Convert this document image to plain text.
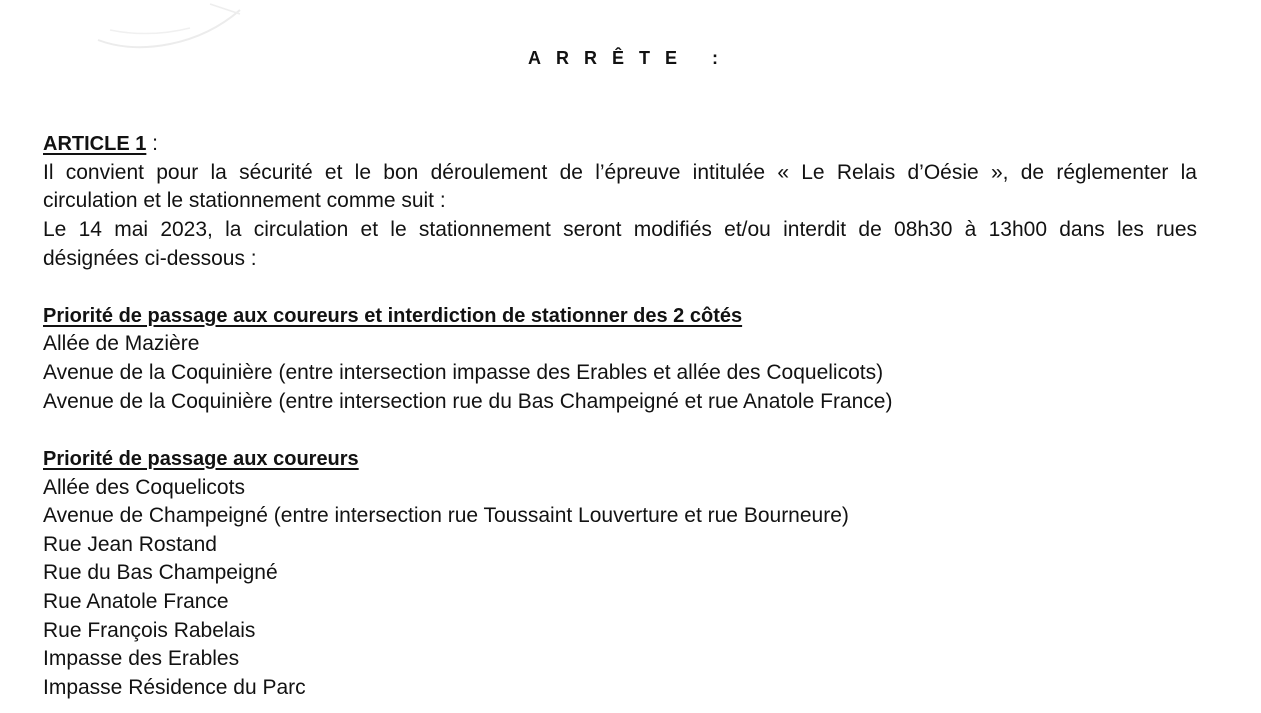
ARRÊTE :
ARTICLE 1 :
Il convient pour la sécurité et le bon déroulement de l’épreuve intitulée « Le Relais d’Oésie », de réglementer la
circulation et le stationnement comme suit :
Le 14 mai 2023, la circulation et le stationnement seront modifiés et/ou interdit de 08h30 à 13h00 dans les rues
désignées ci-dessous :
Priorité de passage aux coureurs et interdiction de stationner des 2 côtés
Allée de Mazière
Avenue de la Coquinière (entre intersection impasse des Erables et allée des Coquelicots)
Avenue de la Coquinière (entre intersection rue du Bas Champeigné et rue Anatole France)
Priorité de passage aux coureurs
Allée des Coquelicots
Avenue de Champeigné (entre intersection rue Toussaint Louverture et rue Bourneure)
Rue Jean Rostand
Rue du Bas Champeigné
Rue Anatole France
Rue François Rabelais
Impasse des Erables
Impasse Résidence du Parc
